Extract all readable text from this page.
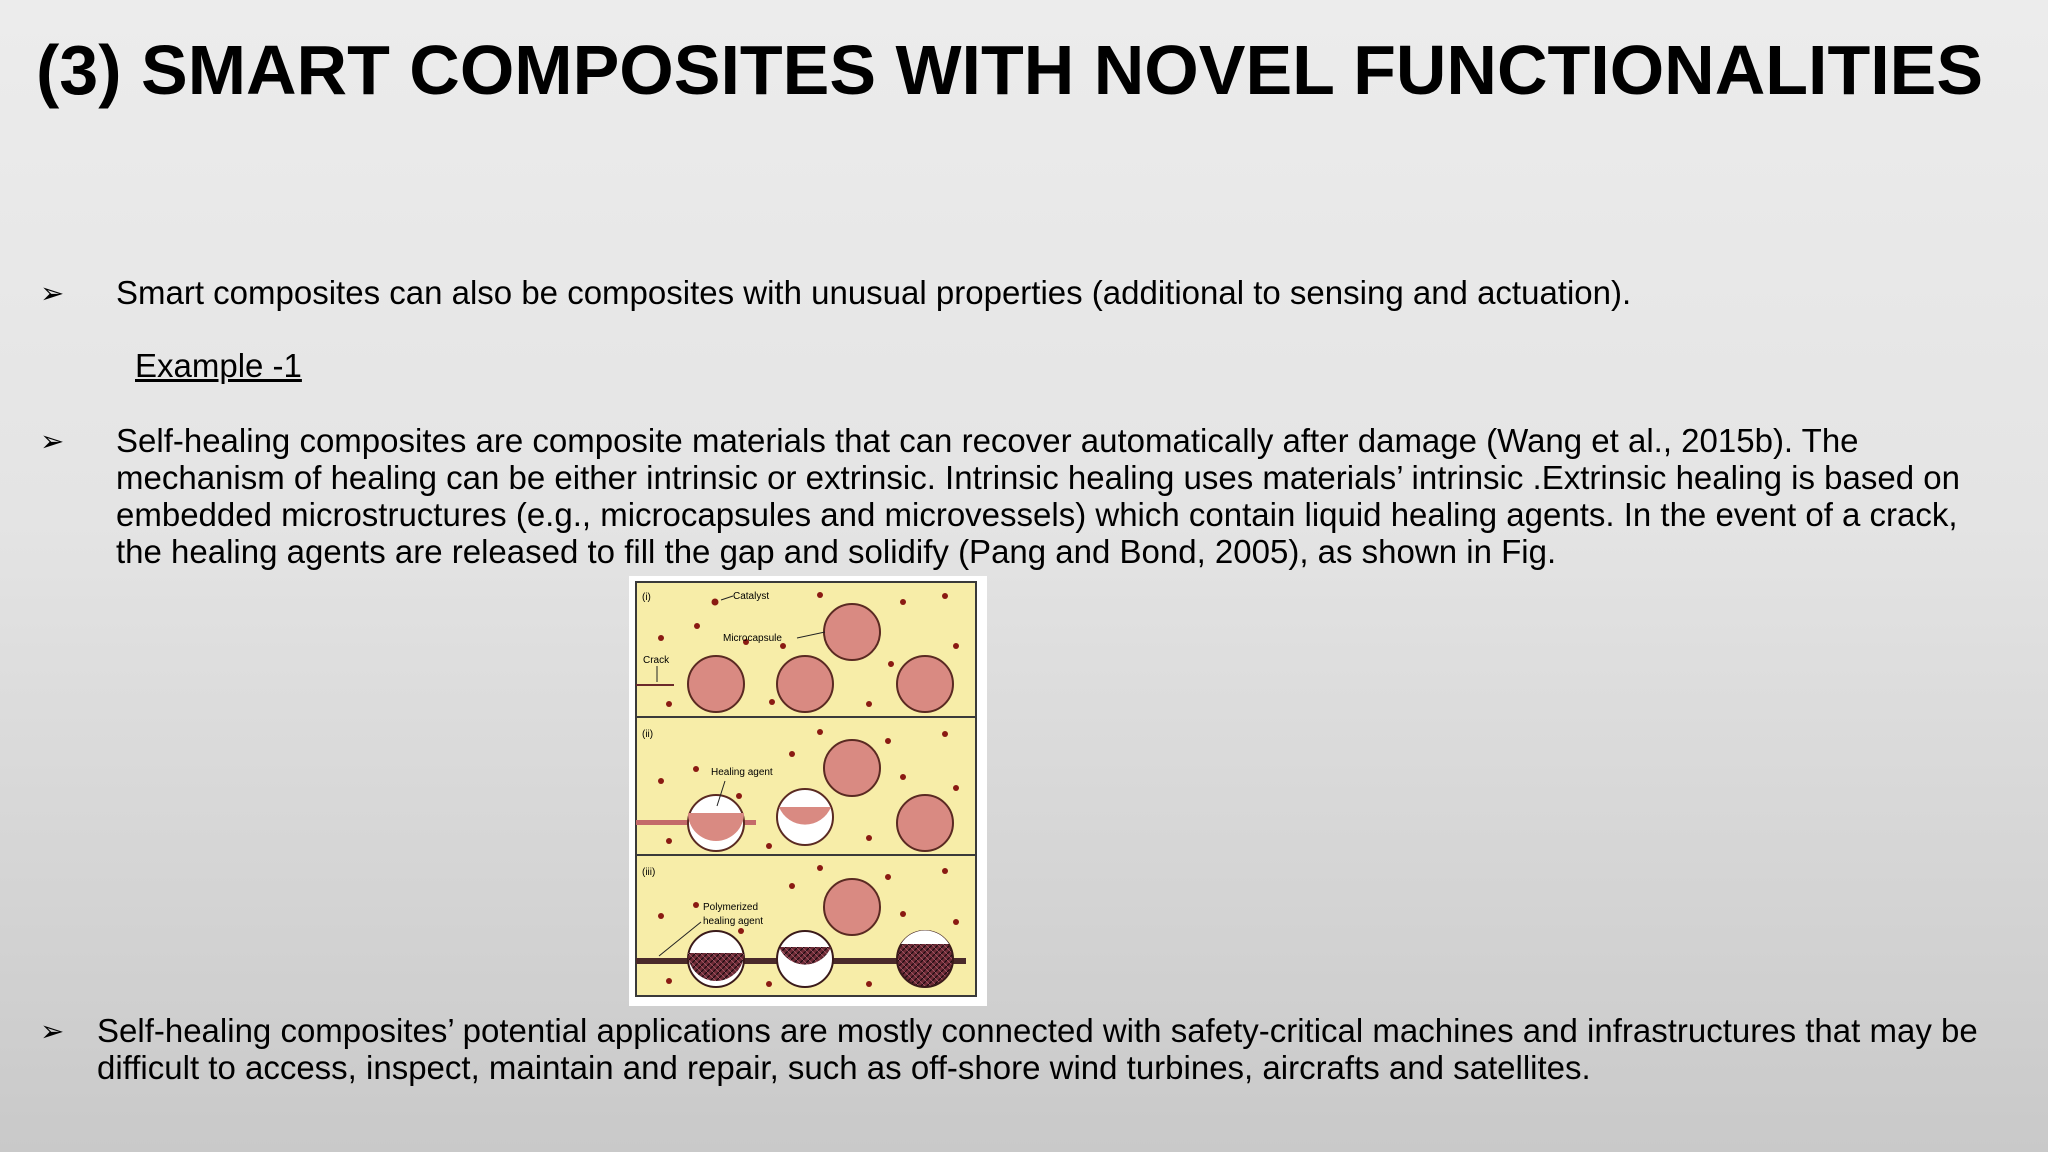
(3) SMART COMPOSITES WITH NOVEL FUNCTIONALITIES
➢ Smart composites can also be composites with unusual properties (additional to sensing and actuation).

Example -1
➢ Self-healing composites are composite materials that can recover automatically after damage (Wang et al., 2015b). The mechanism of healing can be either intrinsic or extrinsic. Intrinsic healing uses materials’ intrinsic .Extrinsic healing is based on embedded microstructures (e.g., microcapsules and microvessels) which contain liquid healing agents. In the event of a crack, the healing agents are released to fill the gap and solidify (Pang and Bond, 2005), as shown in Fig.

(i)	Catalyst
Microcapsule
Crack
(ii)
Healing agent
(iii)
Polymerized
healing agent
➢ Self-healing composites’ potential applications are mostly connected with safety-critical machines and infrastructures that may be difficult to access, inspect, maintain and repair, such as off-shore wind turbines, aircrafts and satellites.
